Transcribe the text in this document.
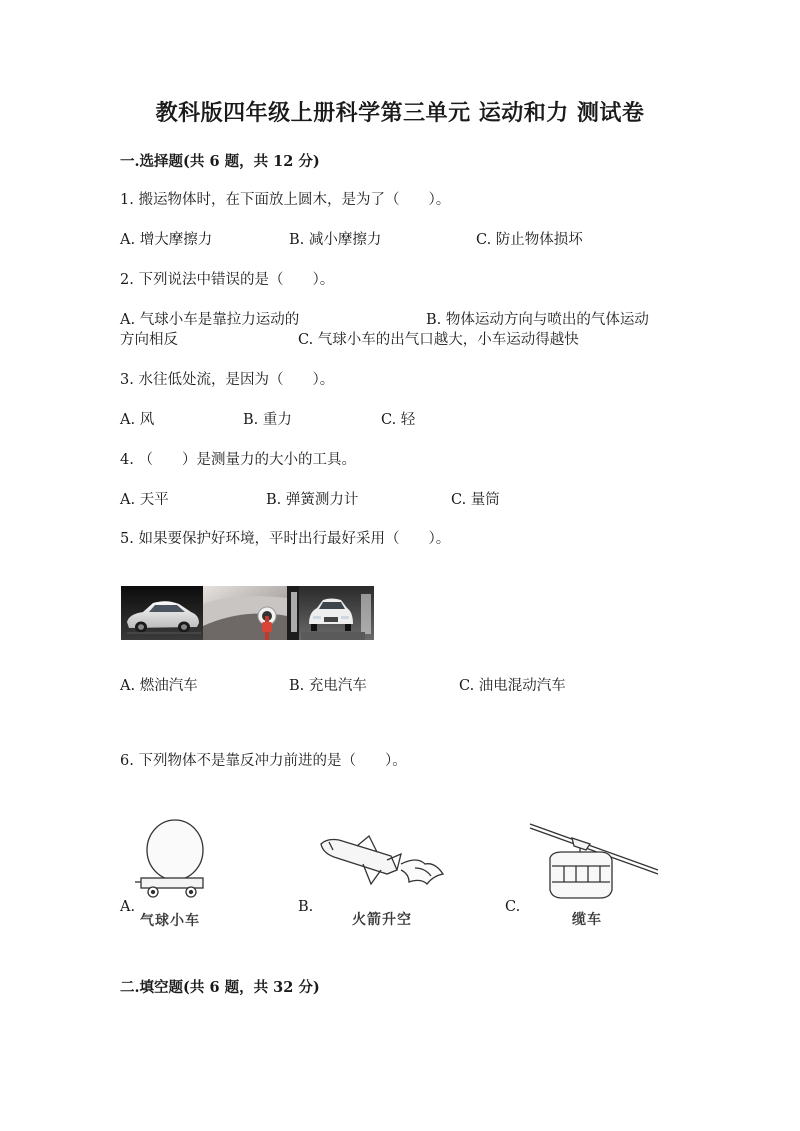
教科版四年级上册科学第三单元 运动和力 测试卷
一.选择题(共 6 题，共 12 分)
1. 搬运物体时，在下面放上圆木，是为了（　　）。
A. 增大摩擦力	B. 减小摩擦力	C. 防止物体损坏
2. 下列说法中错误的是（　　）。
A. 气球小车是靠拉力运动的	B. 物体运动方向与喷出的气体运动
方向相反	C. 气球小车的出气口越大，小车运动得越快
3. 水往低处流，是因为（　　）。
A. 风	B. 重力	C. 轻
4. （　　）是测量力的大小的工具。
A. 天平	B. 弹簧测力计	C. 量筒
5. 如果要保护好环境，平时出行最好采用（　　）。
A. 燃油汽车	B. 充电汽车	C. 油电混动汽车
6. 下列物体不是靠反冲力前进的是（　　）。
A.	B.	C.
气球小车	火箭升空	缆车
二.填空题(共 6 题，共 32 分)
